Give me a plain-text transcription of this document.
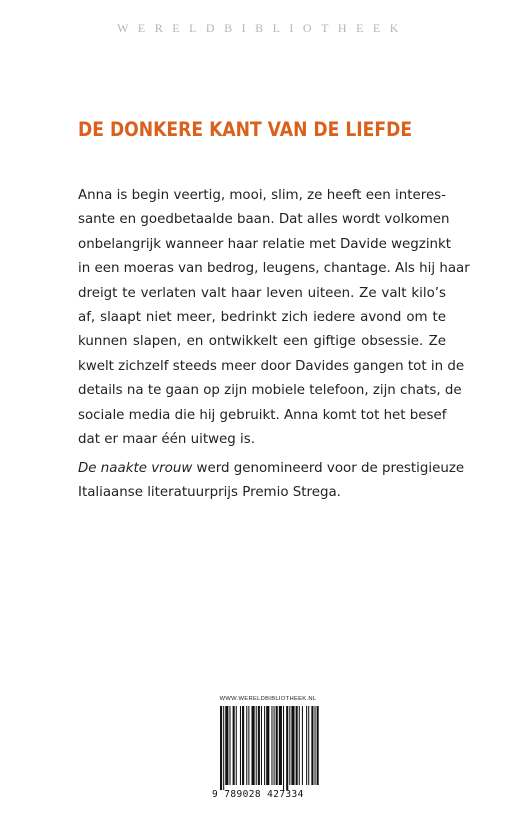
WERELDBIBLIOTHEEK
DE DONKERE KANT VAN DE LIEFDE
Anna is begin veertig, mooi, slim, ze heeft een interes-
sante en goedbetaalde baan. Dat alles wordt volkomen
onbelangrijk wanneer haar relatie met Davide wegzinkt
in een moeras van bedrog, leugens, chantage. Als hij haar
dreigt te verlaten valt haar leven uiteen. Ze valt kilo’s
af, slaapt niet meer, bedrinkt zich iedere avond om te
kunnen slapen, en ontwikkelt een giftige obsessie. Ze
kwelt zichzelf steeds meer door Davides gangen tot in de
details na te gaan op zijn mobiele telefoon, zijn chats, de
sociale media die hij gebruikt. Anna komt tot het besef
dat er maar één uitweg is.
De naakte vrouw werd genomineerd voor de prestigieuze
Italiaanse literatuurprijs Premio Strega.
WWW.WERELDBIBLIOTHEEK.NL
9 789028 427334
